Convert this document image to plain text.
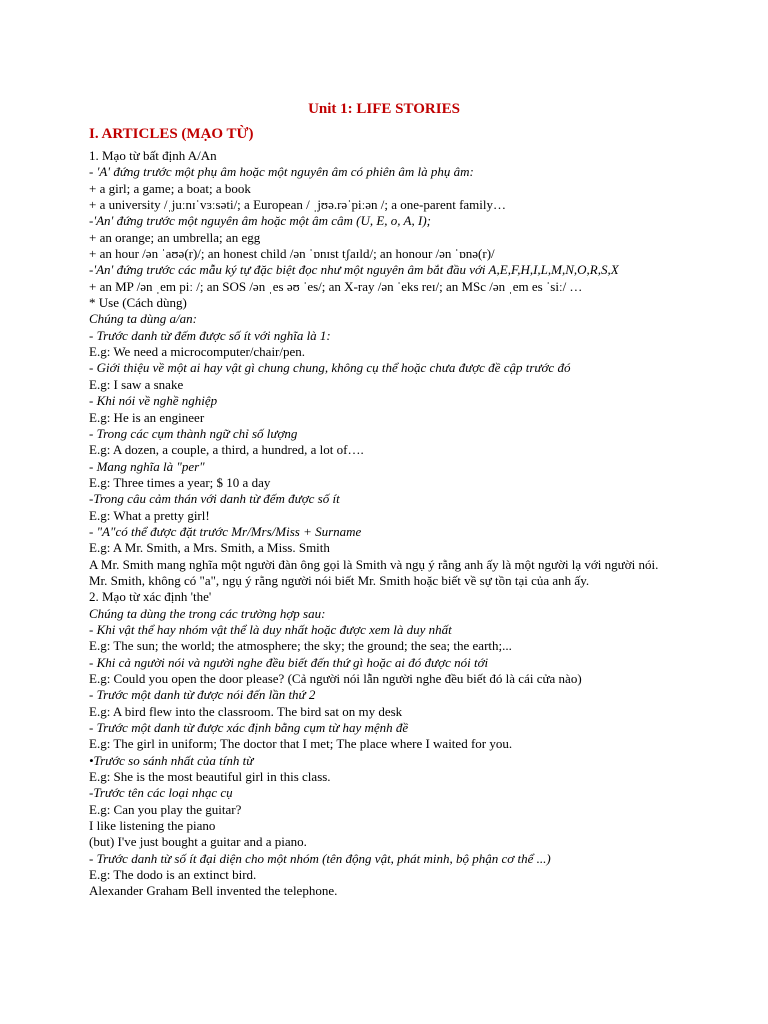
Unit 1: LIFE STORIES
I. ARTICLES (MẠO TỪ)
1. Mạo từ bất định A/An
- 'A' đứng trước một phụ âm hoặc một nguyên âm có phiên âm là phụ âm:
+ a girl; a game; a boat; a book
+ a university /ˌjuːnɪˈvɜːsəti/; a European / ˌjʊə.rəˈpiːən /; a one-parent family…
-'An' đứng trước một nguyên âm hoặc một âm câm (U, E, o, A, I);
+ an orange; an umbrella; an egg
+ an hour /ən ˈaʊə(r)/; an honest child /ən ˈɒnɪst tʃaɪld/; an honour /ən ˈɒnə(r)/
-'An' đứng trước các mẫu ký tự đặc biệt đọc như một nguyên âm bắt đầu với A,E,F,H,I,L,M,N,O,R,S,X
+ an MP /ən ˌem piː /; an SOS /ən ˌes əʊ ˈes/; an X-ray /ən ˈeks reɪ/; an MSc /ən ˌem es ˈsiː/ …
* Use (Cách dùng)
Chúng ta dùng a/an:
- Trước danh từ đếm được số ít với nghĩa là 1:
E.g: We need a microcomputer/chair/pen.
- Giới thiệu về một ai hay vật gì chung chung, không cụ thể hoặc chưa được đề cập trước đó
E.g: I saw a snake
- Khi nói về nghề nghiệp
E.g: He is an engineer
- Trong các cụm thành ngữ chỉ số lượng
E.g: A dozen, a couple, a third, a hundred, a lot of….
- Mang nghĩa là "per"
E.g: Three times a year; $ 10 a day
-Trong câu cảm thán với danh từ đếm được số ít
E.g: What a pretty girl!
- "A"có thể được đặt trước Mr/Mrs/Miss + Surname
E.g: A Mr. Smith, a Mrs. Smith, a Miss. Smith
A Mr. Smith mang nghĩa một người đàn ông gọi là Smith và ngụ ý rằng anh ấy là một người lạ với người nói.
Mr. Smith, không có "a", ngụ ý rằng người nói biết Mr. Smith hoặc biết về sự tồn tại của anh ấy.
2. Mạo từ xác định 'the'
Chúng ta dùng the trong các trường hợp sau:
- Khi vật thể hay nhóm vật thể là duy nhất hoặc được xem là duy nhất
E.g: The sun; the world; the atmosphere; the sky; the ground; the sea; the earth;...
- Khi cả người nói và người nghe đều biết đến thứ gì hoặc ai đó được nói tới
E.g: Could you open the door please? (Cả người nói lẫn người nghe đều biết đó là cái cửa nào)
- Trước một danh từ được nói đến lần thứ 2
E.g: A bird flew into the classroom. The bird sat on my desk
- Trước một danh từ được xác định bằng cụm từ hay mệnh đề
E.g: The girl in uniform; The doctor that I met; The place where I waited for you.
•Trước so sánh nhất của tính từ
E.g: She is the most beautiful girl in this class.
-Trước tên các loại nhạc cụ
E.g: Can you play the guitar?
I like listening the piano
(but) I've just bought a guitar and a piano.
- Trước danh từ số ít đại diện cho một nhóm (tên động vật, phát minh, bộ phận cơ thể ...)
E.g: The dodo is an extinct bird.
Alexander Graham Bell invented the telephone.
